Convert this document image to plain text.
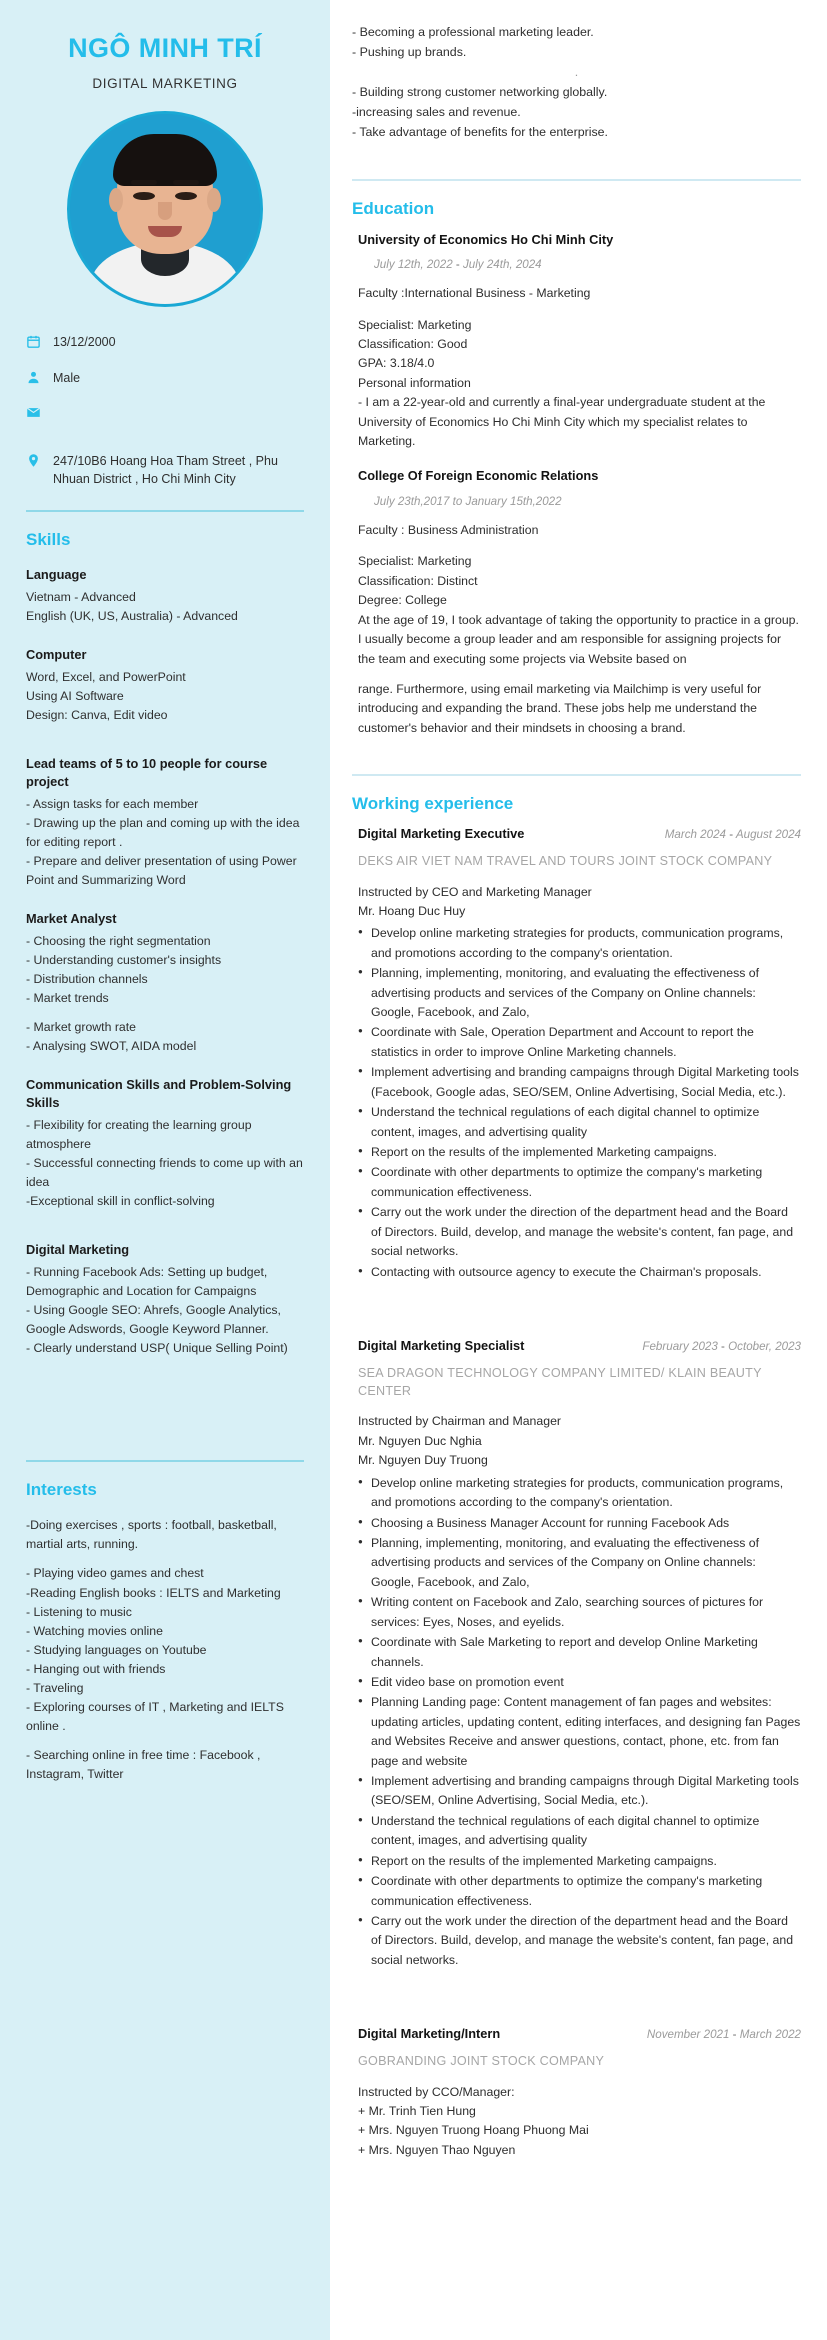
NGÔ MINH TRÍ
DIGITAL MARKETING
13/12/2000
Male
247/10B6 Hoang Hoa Tham Street , Phu Nhuan District , Ho Chi Minh City
Skills
Language
Vietnam - Advanced
English (UK, US, Australia) - Advanced
Computer
Word, Excel, and PowerPoint
Using AI Software
Design: Canva, Edit video
Lead teams of 5 to 10 people for course project
- Assign tasks for each member
- Drawing up the plan and coming up with the idea for editing report .
- Prepare and deliver presentation of using Power Point and Summarizing Word
Market Analyst
- Choosing the right segmentation
- Understanding customer's insights
- Distribution channels
- Market trends
- Market growth rate
- Analysing SWOT, AIDA model
Communication Skills and Problem-Solving Skills
- Flexibility for creating the learning group atmosphere
- Successful connecting friends to come up with an idea
-Exceptional skill in conflict-solving
Digital Marketing
- Running Facebook Ads: Setting up budget, Demographic and Location for Campaigns
- Using Google SEO: Ahrefs, Google Analytics, Google Adswords, Google Keyword Planner.
- Clearly understand USP( Unique Selling Point)
Interests
-Doing exercises , sports : football, basketball, martial arts, running.
- Playing video games and chest
-Reading English books : IELTS and Marketing
- Listening to music
- Watching movies online
- Studying languages on Youtube
- Hanging out with friends
- Traveling
- Exploring courses of IT , Marketing and IELTS online .
- Searching online in free time : Facebook , Instagram, Twitter
- Becoming a professional marketing leader.
- Pushing up brands.
.
- Building strong customer networking globally.
-increasing sales and revenue.
- Take advantage of benefits for the enterprise.
Education
University of Economics Ho Chi Minh City
July 12th, 2022 - July 24th, 2024
Faculty :International Business - Marketing
Specialist: Marketing
Classification: Good
GPA: 3.18/4.0
Personal information
- I am a 22-year-old and currently a final-year undergraduate student at the University of Economics Ho Chi Minh City which my specialist relates to Marketing.
College Of Foreign Economic Relations
July 23th,2017 to January 15th,2022
Faculty : Business Administration
Specialist: Marketing
Classification: Distinct
Degree: College
At the age of 19, I took advantage of taking the opportunity to practice in a group. I usually become a group leader and am responsible for assigning projects for the team and executing some projects via Website based on
range. Furthermore, using email marketing via Mailchimp is very useful for introducing and expanding the brand. These jobs help me understand the customer's behavior and their mindsets in choosing a brand.
Working experience
Digital Marketing Executive	March 2024 - August 2024
DEKS AIR VIET NAM TRAVEL AND TOURS JOINT STOCK COMPANY
Instructed by CEO and Marketing Manager
Mr. Hoang Duc Huy
● Develop online marketing strategies for products, communication programs, and promotions according to the company's orientation.
● Planning, implementing, monitoring, and evaluating the effectiveness of advertising products and services of the Company on Online channels: Google, Facebook, and Zalo,
● Coordinate with Sale, Operation Department and Account to report the statistics in order to improve Online Marketing channels.
● Implement advertising and branding campaigns through Digital Marketing tools (Facebook, Google adas, SEO/SEM, Online Advertising, Social Media, etc.).
● Understand the technical regulations of each digital channel to optimize content, images, and advertising quality
● Report on the results of the implemented Marketing campaigns.
● Coordinate with other departments to optimize the company's marketing communication effectiveness.
● Carry out the work under the direction of the department head and the Board of Directors. Build, develop, and manage the website's content, fan page, and social networks.
● Contacting with outsource agency to execute the Chairman's proposals.
Digital Marketing Specialist	February 2023 - October, 2023
SEA DRAGON TECHNOLOGY COMPANY LIMITED/ KLAIN BEAUTY CENTER
Instructed by Chairman and Manager
Mr. Nguyen Duc Nghia
Mr. Nguyen Duy Truong
● Develop online marketing strategies for products, communication programs, and promotions according to the company's orientation.
● Choosing a Business Manager Account for running Facebook Ads
● Planning, implementing, monitoring, and evaluating the effectiveness of advertising products and services of the Company on Online channels: Google, Facebook, and Zalo,
● Writing content on Facebook and Zalo, searching sources of pictures for services: Eyes, Noses, and eyelids.
● Coordinate with Sale Marketing to report and develop Online Marketing channels.
● Edit video base on promotion event
● Planning Landing page: Content management of fan pages and websites: updating articles, updating content, editing interfaces, and designing fan Pages and Websites Receive and answer questions, contact, phone, etc. from fan page and website
● Implement advertising and branding campaigns through Digital Marketing tools (SEO/SEM, Online Advertising, Social Media, etc.).
● Understand the technical regulations of each digital channel to optimize content, images, and advertising quality
● Report on the results of the implemented Marketing campaigns.
● Coordinate with other departments to optimize the company's marketing communication effectiveness.
● Carry out the work under the direction of the department head and the Board of Directors. Build, develop, and manage the website's content, fan page, and social networks.
Digital Marketing/Intern	November 2021 - March 2022
GOBRANDING JOINT STOCK COMPANY
Instructed by CCO/Manager:
+ Mr. Trinh Tien Hung
+ Mrs. Nguyen Truong Hoang Phuong Mai
+ Mrs. Nguyen Thao Nguyen
